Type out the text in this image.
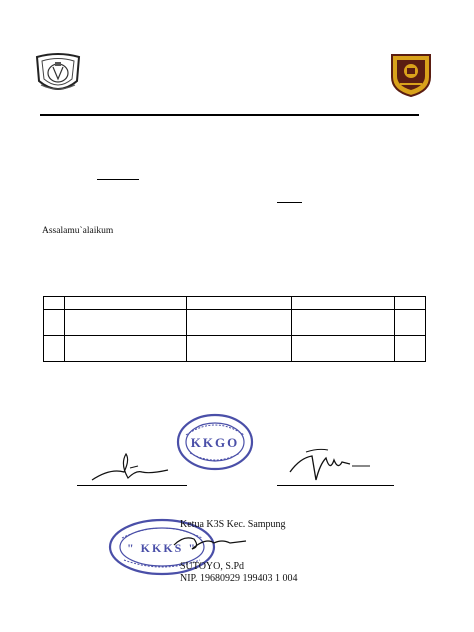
Assalamu`alaikum

1				
2				
KKGO
" KKKS "
Ketua K3S Kec. Sampung
SUTOYO, S.Pd
NIP. 19680929 199403 1 004
